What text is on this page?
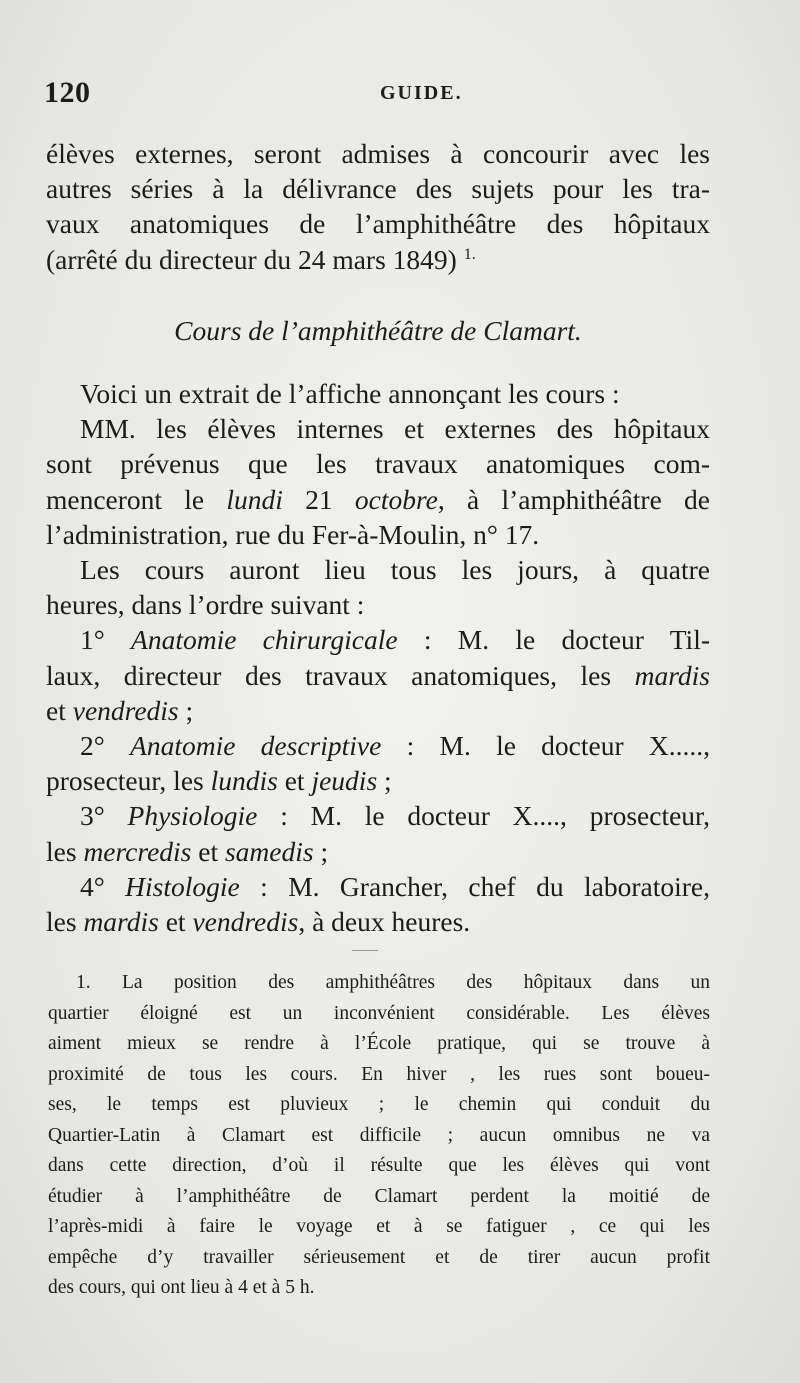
120	GUIDE.
élèves externes, seront admises à concourir avec les
autres séries à la délivrance des sujets pour les tra-
vaux anatomiques de l’amphithéâtre des hôpitaux
(arrêté du directeur du 24 mars 1849) $^{1.}$
Cours de l’amphithéâtre de Clamart.
Voici un extrait de l’affiche annonçant les cours :
MM. les élèves internes et externes des hôpitaux
sont prévenus que les travaux anatomiques com-
menceront le lundi 21 octobre, à l’amphithéâtre de
l’administration, rue du Fer-à-Moulin, n° 17.
Les cours auront lieu tous les jours, à quatre
heures, dans l’ordre suivant :
1° Anatomie chirurgicale : M. le docteur Til-
laux, directeur des travaux anatomiques, les mardis
et vendredis ;
2° Anatomie descriptive : M. le docteur X.....,
prosecteur, les lundis et jeudis ;
3° Physiologie : M. le docteur X...., prosecteur,
les mercredis et samedis ;
4° Histologie : M. Grancher, chef du laboratoire,
les mardis et vendredis, à deux heures.
1. La position des amphithéâtres des hôpitaux dans un
quartier éloigné est un inconvénient considérable. Les élèves
aiment mieux se rendre à l’École pratique, qui se trouve à
proximité de tous les cours. En hiver , les rues sont boueu-
ses, le temps est pluvieux ; le chemin qui conduit du
Quartier-Latin à Clamart est difficile ; aucun omnibus ne va
dans cette direction, d’où il résulte que les élèves qui vont
étudier à l’amphithéâtre de Clamart perdent la moitié de
l’après-midi à faire le voyage et à se fatiguer , ce qui les
empêche d’y travailler sérieusement et de tirer aucun profit
des cours, qui ont lieu à 4 et à 5 h.
